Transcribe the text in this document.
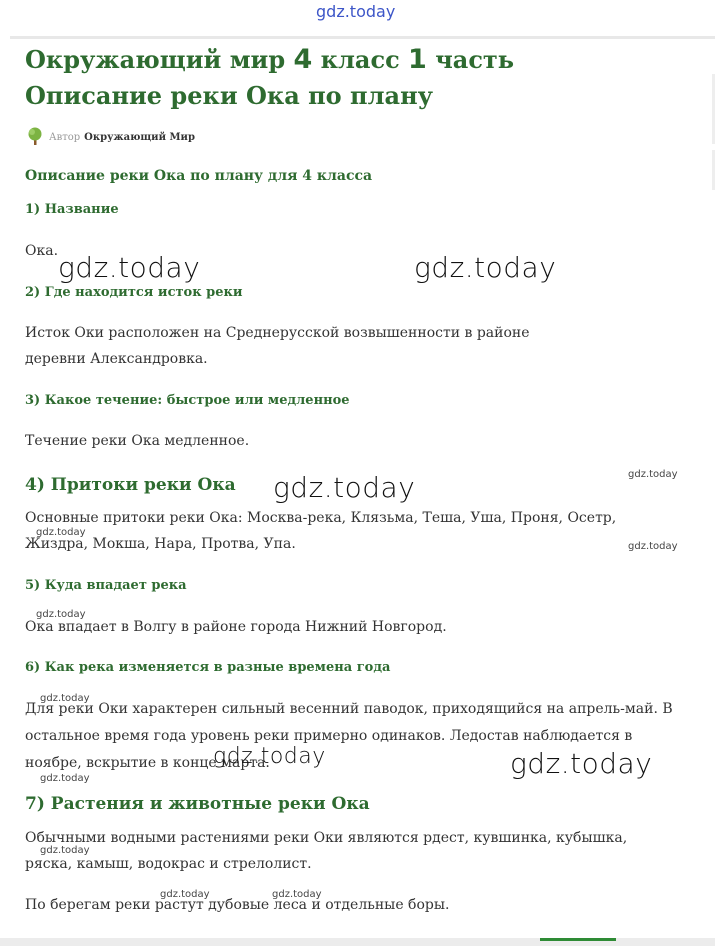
gdz.today
Окружающий мир 4 класс 1 часть Описание реки Ока по плану
Автор Окружающий Мир
Описание реки Ока по плану для 4 класса
1) Название

Ока.

2) Где находится исток реки

Исток Оки расположен на Среднерусской возвышенности в районе деревни Александровка.

3) Какое течение: быстрое или медленное

Течение реки Ока медленное.

4) Притоки реки Ока

Основные притоки реки Ока: Москва-река, Клязьма, Теша, Уша, Проня, Осетр, Жиздра, Мокша, Нара, Протва, Упа.

5) Куда впадает река

Ока впадает в Волгу в районе города Нижний Новгород.

6) Как река изменяется в разные времена года

Для реки Оки характерен сильный весенний паводок, приходящийся на апрель-май. В остальное время года уровень реки примерно одинаков. Ледостав наблюдается в ноябре, вскрытие в конце марта.

7) Растения и животные реки Ока

Обычными водными растениями реки Оки являются рдест, кувшинка, кубышка, ряска, камыш, водокрас и стрелолист.

По берегам реки растут дубовые леса и отдельные боры.

gdz.today	gdz.today
gdz.today
gdz.today
gdz.today
gdz.today
gdz.today
gdz.today
gdz.today
gdz.today
gdz.today
gdz.today
gdz.today	gdz.today
